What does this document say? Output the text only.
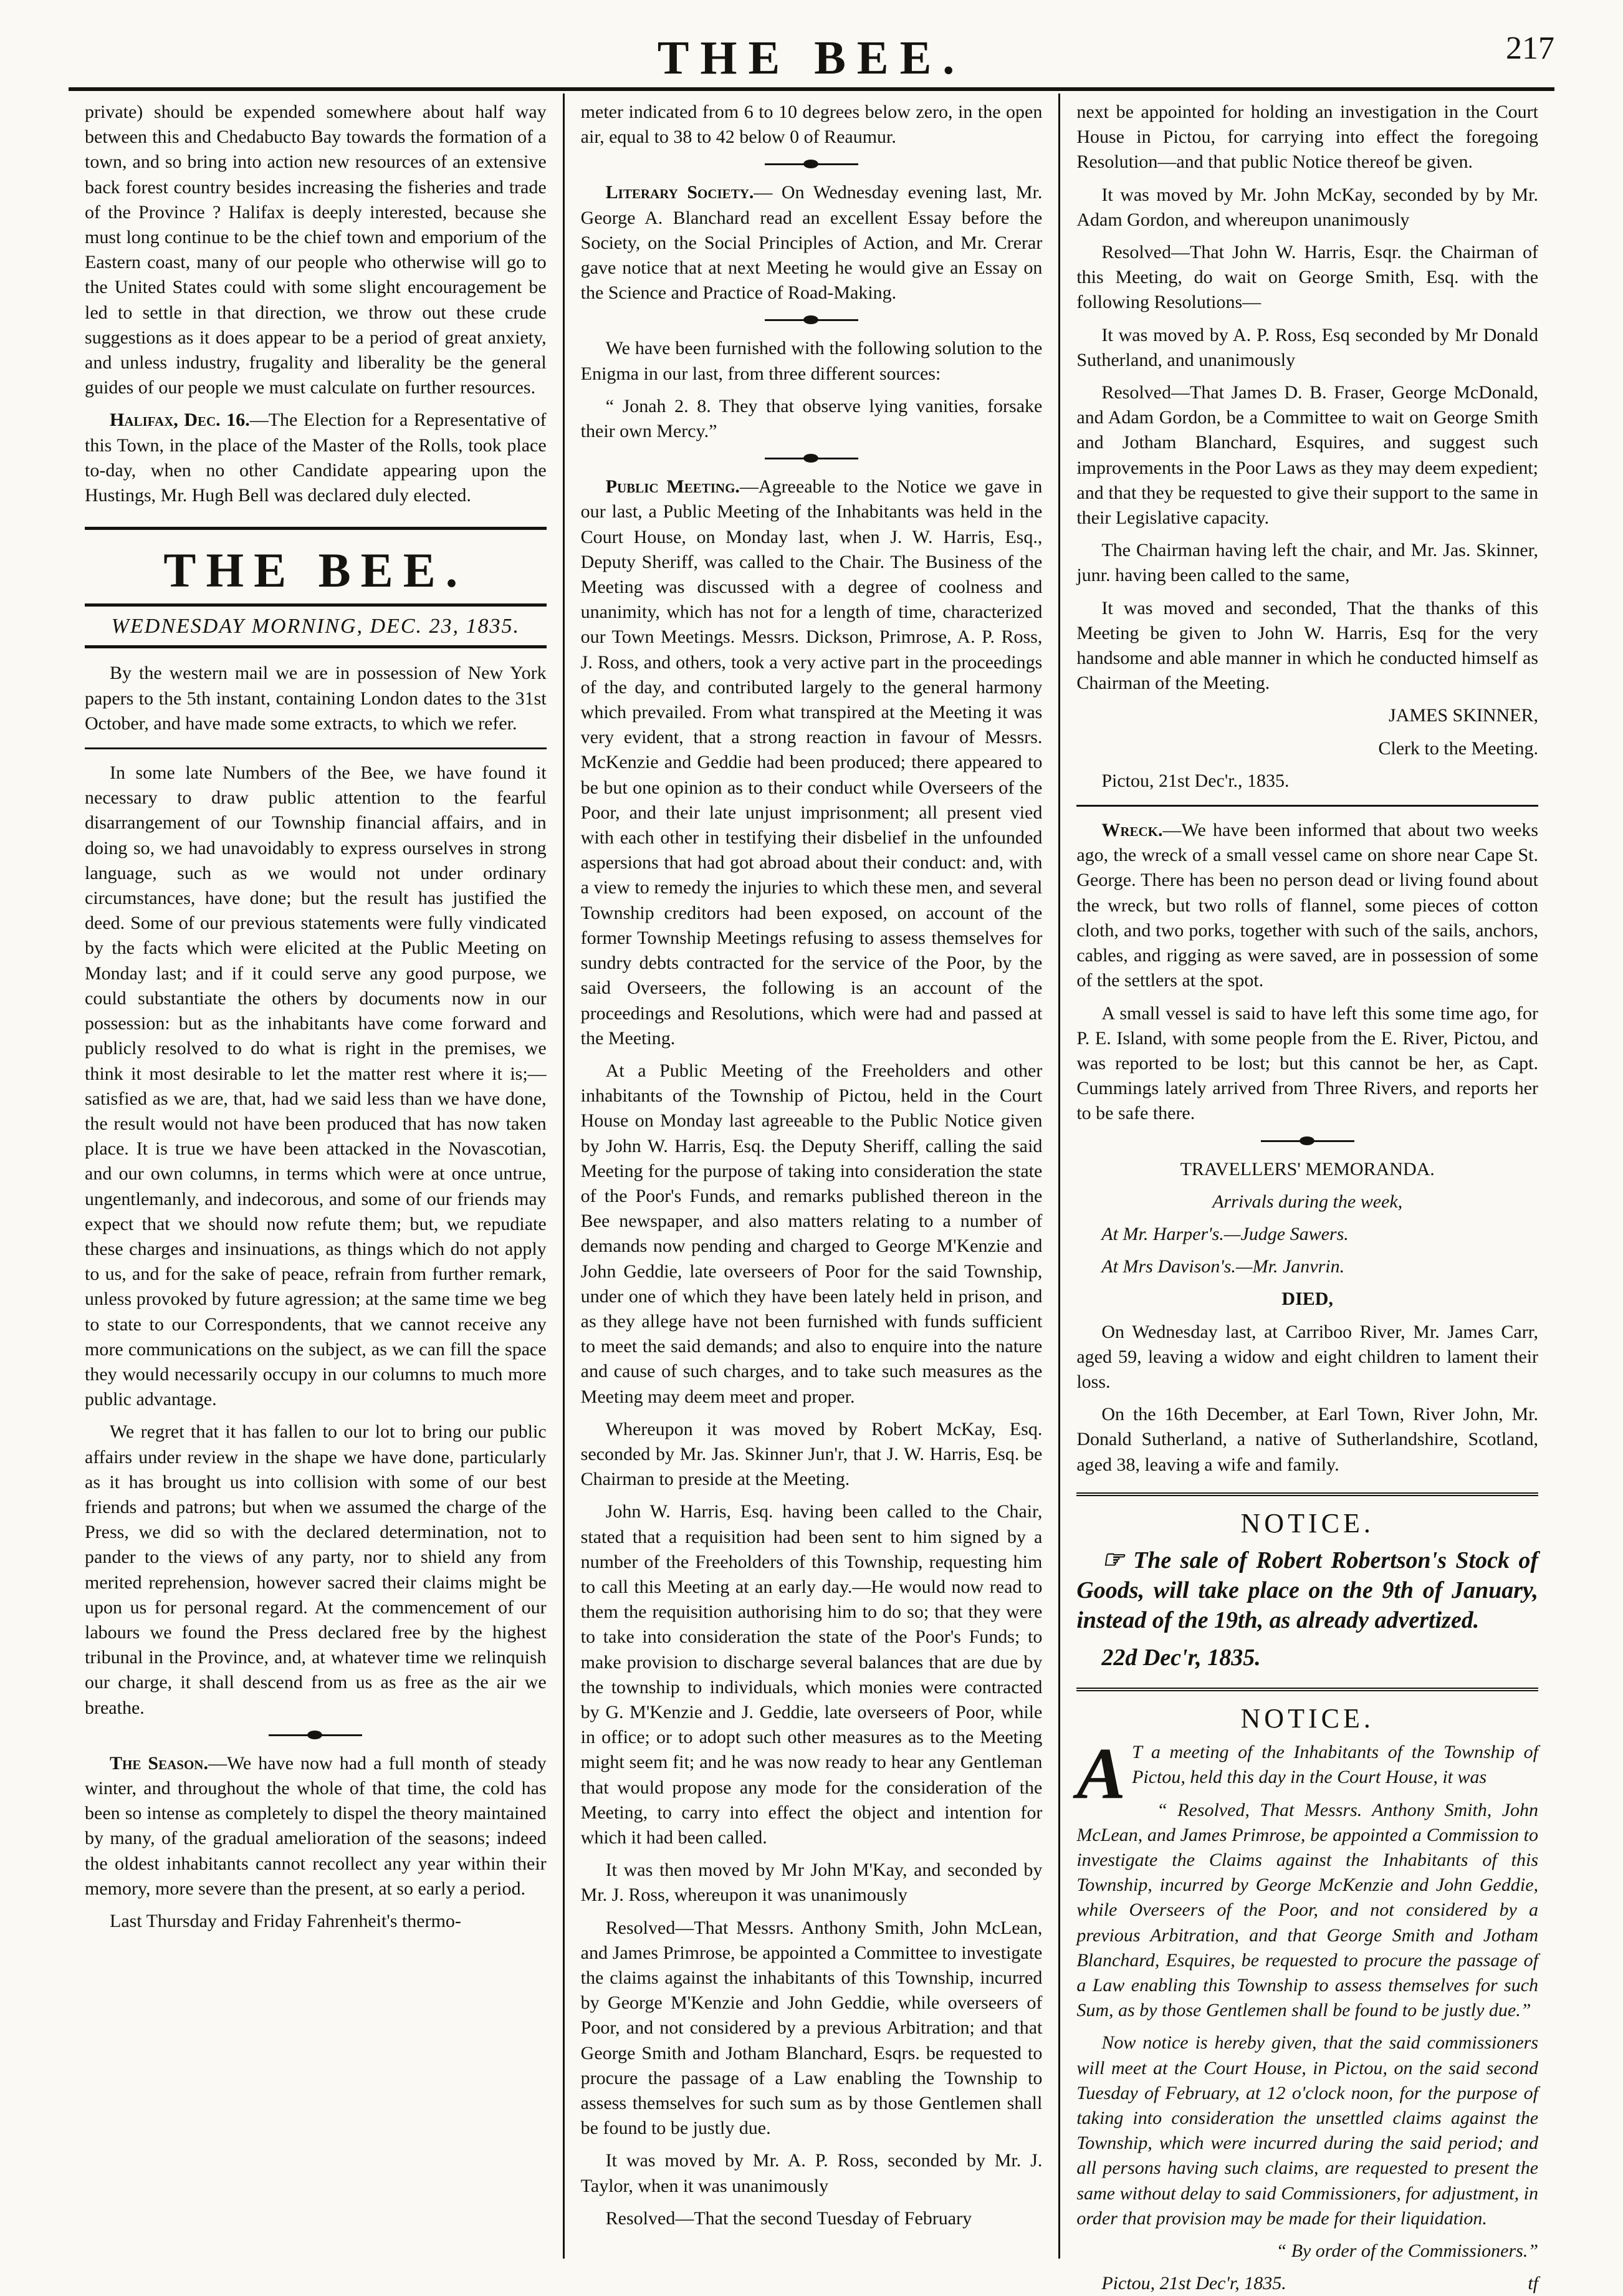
THE BEE.	217

private) should be expended somewhere about half way between this and Chedabucto Bay towards the formation of a town, and so bring into action new resources of an extensive back forest country besides increasing the fisheries and trade of the Province ? Halifax is deeply interested, because she must long continue to be the chief town and emporium of the Eastern coast, many of our people who otherwise will go to the United States could with some slight encouragement be led to settle in that direction, we throw out these crude suggestions as it does appear to be a period of great anxiety, and unless industry, frugality and liberality be the general guides of our people we must calculate on further resources.

Halifax, Dec. 16.—The Election for a Representative of this Town, in the place of the Master of the Rolls, took place to-day, when no other Candidate appearing upon the Hustings, Mr. Hugh Bell was declared duly elected.

THE BEE.
WEDNESDAY MORNING, DEC. 23, 1835.

By the western mail we are in possession of New York papers to the 5th instant, containing London dates to the 31st October, and have made some extracts, to which we refer.

In some late Numbers of the Bee, we have found it necessary to draw public attention to the fearful disarrangement of our Township financial affairs, and in doing so, we had unavoidably to express ourselves in strong language, such as we would not under ordinary circumstances, have done; but the result has justified the deed. Some of our previous statements were fully vindicated by the facts which were elicited at the Public Meeting on Monday last; and if it could serve any good purpose, we could substantiate the others by documents now in our possession: but as the inhabitants have come forward and publicly resolved to do what is right in the premises, we think it most desirable to let the matter rest where it is;—satisfied as we are, that, had we said less than we have done, the result would not have been produced that has now taken place. It is true we have been attacked in the Novascotian, and our own columns, in terms which were at once untrue, ungentlemanly, and indecorous, and some of our friends may expect that we should now refute them; but, we repudiate these charges and insinuations, as things which do not apply to us, and for the sake of peace, refrain from further remark, unless provoked by future agression; at the same time we beg to state to our Correspondents, that we cannot receive any more communications on the subject, as we can fill the space they would necessarily occupy in our columns to much more public advantage.

We regret that it has fallen to our lot to bring our public affairs under review in the shape we have done, particularly as it has brought us into collision with some of our best friends and patrons; but when we assumed the charge of the Press, we did so with the declared determination, not to pander to the views of any party, nor to shield any from merited reprehension, however sacred their claims might be upon us for personal regard. At the commencement of our labours we found the Press declared free by the highest tribunal in the Province, and, at whatever time we relinquish our charge, it shall descend from us as free as the air we breathe.

The Season.—We have now had a full month of steady winter, and throughout the whole of that time, the cold has been so intense as completely to dispel the theory maintained by many, of the gradual amelioration of the seasons; indeed the oldest inhabitants cannot recollect any year within their memory, more severe than the present, at so early a period.

Last Thursday and Friday Fahrenheit's thermo-

meter indicated from 6 to 10 degrees below zero, in the open air, equal to 38 to 42 below 0 of Reaumur.

Literary Society.— On Wednesday evening last, Mr. George A. Blanchard read an excellent Essay before the Society, on the Social Principles of Action, and Mr. Crerar gave notice that at next Meeting he would give an Essay on the Science and Practice of Road-Making.

We have been furnished with the following solution to the Enigma in our last, from three different sources:

“ Jonah 2. 8. They that observe lying vanities, forsake their own Mercy.”

Public Meeting.—Agreeable to the Notice we gave in our last, a Public Meeting of the Inhabitants was held in the Court House, on Monday last, when J. W. Harris, Esq., Deputy Sheriff, was called to the Chair. The Business of the Meeting was discussed with a degree of coolness and unanimity, which has not for a length of time, characterized our Town Meetings. Messrs. Dickson, Primrose, A. P. Ross, J. Ross, and others, took a very active part in the proceedings of the day, and contributed largely to the general harmony which prevailed. From what transpired at the Meeting it was very evident, that a strong reaction in favour of Messrs. McKenzie and Geddie had been produced; there appeared to be but one opinion as to their conduct while Overseers of the Poor, and their late unjust imprisonment; all present vied with each other in testifying their disbelief in the unfounded aspersions that had got abroad about their conduct: and, with a view to remedy the injuries to which these men, and several Township creditors had been exposed, on account of the former Township Meetings refusing to assess themselves for sundry debts contracted for the service of the Poor, by the said Overseers, the following is an account of the proceedings and Resolutions, which were had and passed at the Meeting.

At a Public Meeting of the Freeholders and other inhabitants of the Township of Pictou, held in the Court House on Monday last agreeable to the Public Notice given by John W. Harris, Esq. the Deputy Sheriff, calling the said Meeting for the purpose of taking into consideration the state of the Poor's Funds, and remarks published thereon in the Bee newspaper, and also matters relating to a number of demands now pending and charged to George M'Kenzie and John Geddie, late overseers of Poor for the said Township, under one of which they have been lately held in prison, and as they allege have not been furnished with funds sufficient to meet the said demands; and also to enquire into the nature and cause of such charges, and to take such measures as the Meeting may deem meet and proper.

Whereupon it was moved by Robert McKay, Esq. seconded by Mr. Jas. Skinner Jun'r, that J. W. Harris, Esq. be Chairman to preside at the Meeting.

John W. Harris, Esq. having been called to the Chair, stated that a requisition had been sent to him signed by a number of the Freeholders of this Township, requesting him to call this Meeting at an early day.—He would now read to them the requisition authorising him to do so; that they were to take into consideration the state of the Poor's Funds; to make provision to discharge several balances that are due by the township to individuals, which monies were contracted by G. M'Kenzie and J. Geddie, late overseers of Poor, while in office; or to adopt such other measures as to the Meeting might seem fit; and he was now ready to hear any Gentleman that would propose any mode for the consideration of the Meeting, to carry into effect the object and intention for which it had been called.

It was then moved by Mr John M'Kay, and seconded by Mr. J. Ross, whereupon it was unanimously

Resolved—That Messrs. Anthony Smith, John McLean, and James Primrose, be appointed a Committee to investigate the claims against the inhabitants of this Township, incurred by George M'Kenzie and John Geddie, while overseers of Poor, and not considered by a previous Arbitration; and that George Smith and Jotham Blanchard, Esqrs. be requested to procure the passage of a Law enabling the Township to assess themselves for such sum as by those Gentlemen shall be found to be justly due.

It was moved by Mr. A. P. Ross, seconded by Mr. J. Taylor, when it was unanimously

Resolved—That the second Tuesday of February

next be appointed for holding an investigation in the Court House in Pictou, for carrying into effect the foregoing Resolution—and that public Notice thereof be given.

It was moved by Mr. John McKay, seconded by by Mr. Adam Gordon, and whereupon unanimously

Resolved—That John W. Harris, Esqr. the Chairman of this Meeting, do wait on George Smith, Esq. with the following Resolutions—

It was moved by A. P. Ross, Esq seconded by Mr Donald Sutherland, and unanimously

Resolved—That James D. B. Fraser, George McDonald, and Adam Gordon, be a Committee to wait on George Smith and Jotham Blanchard, Esquires, and suggest such improvements in the Poor Laws as they may deem expedient; and that they be requested to give their support to the same in their Legislative capacity.

The Chairman having left the chair, and Mr. Jas. Skinner, junr. having been called to the same,

It was moved and seconded, That the thanks of this Meeting be given to John W. Harris, Esq for the very handsome and able manner in which he conducted himself as Chairman of the Meeting.

JAMES SKINNER,

Clerk to the Meeting.

Pictou, 21st Dec'r., 1835.

Wreck.—We have been informed that about two weeks ago, the wreck of a small vessel came on shore near Cape St. George. There has been no person dead or living found about the wreck, but two rolls of flannel, some pieces of cotton cloth, and two porks, together with such of the sails, anchors, cables, and rigging as were saved, are in possession of some of the settlers at the spot.

A small vessel is said to have left this some time ago, for P. E. Island, with some people from the E. River, Pictou, and was reported to be lost; but this cannot be her, as Capt. Cummings lately arrived from Three Rivers, and reports her to be safe there.

TRAVELLERS' MEMORANDA.

Arrivals during the week,

At Mr. Harper's.—Judge Sawers.

At Mrs Davison's.—Mr. Janvrin.

DIED,

On Wednesday last, at Carriboo River, Mr. James Carr, aged 59, leaving a widow and eight children to lament their loss.

On the 16th December, at Earl Town, River John, Mr. Donald Sutherland, a native of Sutherlandshire, Scotland, aged 38, leaving a wife and family.

NOTICE.

☞ The sale of Robert Robertson's Stock of Goods, will take place on the 9th of January, instead of the 19th, as already advertized.

22d Dec'r, 1835.

NOTICE.

A T a meeting of the Inhabitants of the Township of Pictou, held this day in the Court House, it was

“ Resolved, That Messrs. Anthony Smith, John McLean, and James Primrose, be appointed a Commission to investigate the Claims against the Inhabitants of this Township, incurred by George McKenzie and John Geddie, while Overseers of the Poor, and not considered by a previous Arbitration, and that George Smith and Jotham Blanchard, Esquires, be requested to procure the passage of a Law enabling this Township to assess themselves for such Sum, as by those Gentlemen shall be found to be justly due.”

Now notice is hereby given, that the said commissioners will meet at the Court House, in Pictou, on the said second Tuesday of February, at 12 o'clock noon, for the purpose of taking into consideration the unsettled claims against the Township, which were incurred during the said period; and all persons having such claims, are requested to present the same without delay to said Commissioners, for adjustment, in order that provision may be made for their liquidation.

“ By order of the Commissioners.”

Pictou, 21st Dec'r, 1835.	tf
